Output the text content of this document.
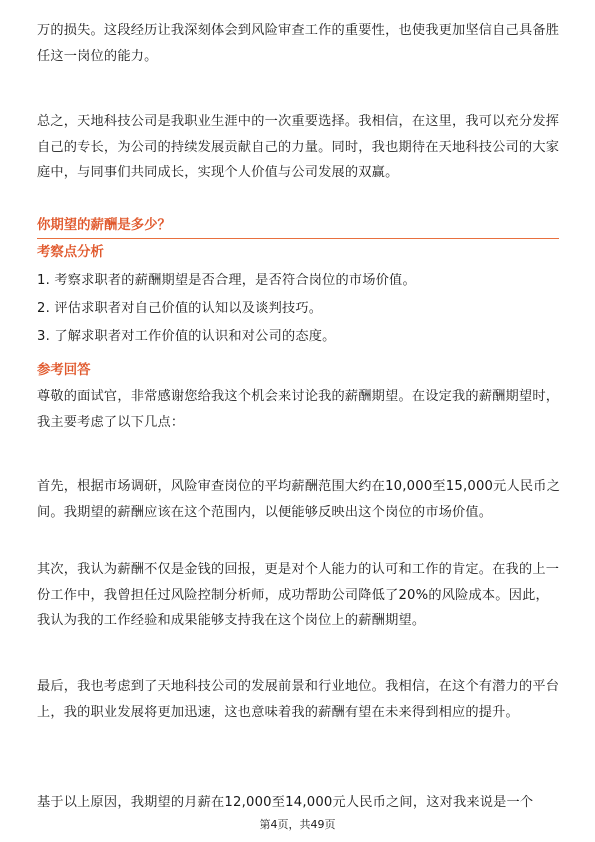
万的损失。这段经历让我深刻体会到风险审查工作的重要性，也使我更加坚信自己具备胜任这一岗位的能力。

总之，天地科技公司是我职业生涯中的一次重要选择。我相信，在这里，我可以充分发挥自己的专长，为公司的持续发展贡献自己的力量。同时，我也期待在天地科技公司的大家庭中，与同事们共同成长，实现个人价值与公司发展的双赢。

你期望的薪酬是多少？
考察点分析

1. 考察求职者的薪酬期望是否合理，是否符合岗位的市场价值。

2. 评估求职者对自己价值的认知以及谈判技巧。

3. 了解求职者对工作价值的认识和对公司的态度。

参考回答

尊敬的面试官，非常感谢您给我这个机会来讨论我的薪酬期望。在设定我的薪酬期望时，我主要考虑了以下几点：

首先，根据市场调研，风险审查岗位的平均薪酬范围大约在10,000至15,000元人民币之间。我期望的薪酬应该在这个范围内，以便能够反映出这个岗位的市场价值。

其次，我认为薪酬不仅是金钱的回报，更是对个人能力的认可和工作的肯定。在我的上一份工作中，我曾担任过风险控制分析师，成功帮助公司降低了20%的风险成本。因此，我认为我的工作经验和成果能够支持我在这个岗位上的薪酬期望。

最后，我也考虑到了天地科技公司的发展前景和行业地位。我相信，在这个有潜力的平台上，我的职业发展将更加迅速，这也意味着我的薪酬有望在未来得到相应的提升。

基于以上原因，我期望的月薪在12,000至14,000元人民币之间，这对我来说是一个

第4页，共49页
